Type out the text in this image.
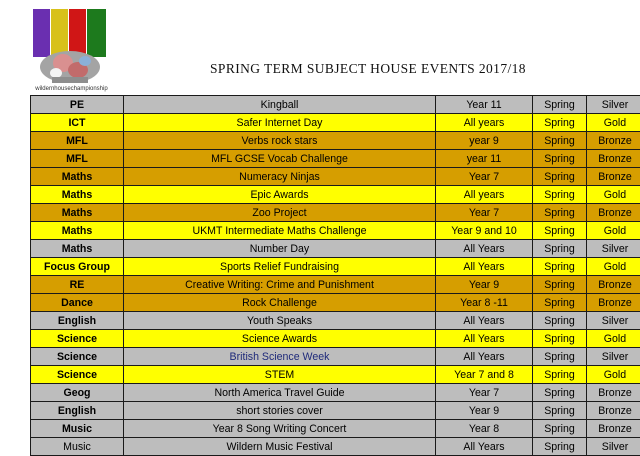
wildernhousechampionship
SPRING TERM SUBJECT HOUSE EVENTS 2017/18
PE	Kingball	Year 11	Spring	Silver
ICT	Safer Internet Day	All years	Spring	Gold
MFL	Verbs rock stars	year 9	Spring	Bronze
MFL	MFL GCSE Vocab Challenge	year 11	Spring	Bronze
Maths	Numeracy Ninjas	Year 7	Spring	Bronze
Maths	Epic Awards	All years	Spring	Gold
Maths	Zoo Project	Year 7	Spring	Bronze
Maths	UKMT Intermediate Maths Challenge	Year 9 and 10	Spring	Gold
Maths	Number Day	All Years	Spring	Silver
Focus Group	Sports Relief Fundraising	All Years	Spring	Gold
RE	Creative Writing: Crime and Punishment	Year 9	Spring	Bronze
Dance	Rock Challenge	Year 8 -11	Spring	Bronze
English	Youth Speaks	All Years	Spring	Silver
Science	Science Awards	All Years	Spring	Gold
Science	British Science Week	All Years	Spring	Silver
Science	STEM	Year 7 and 8	Spring	Gold
Geog	North America Travel Guide	Year 7	Spring	Bronze
English	short stories cover	Year 9	Spring	Bronze
Music	Year 8 Song Writing Concert	Year 8	Spring	Bronze
Music	Wildern Music Festival	All Years	Spring	Silver
